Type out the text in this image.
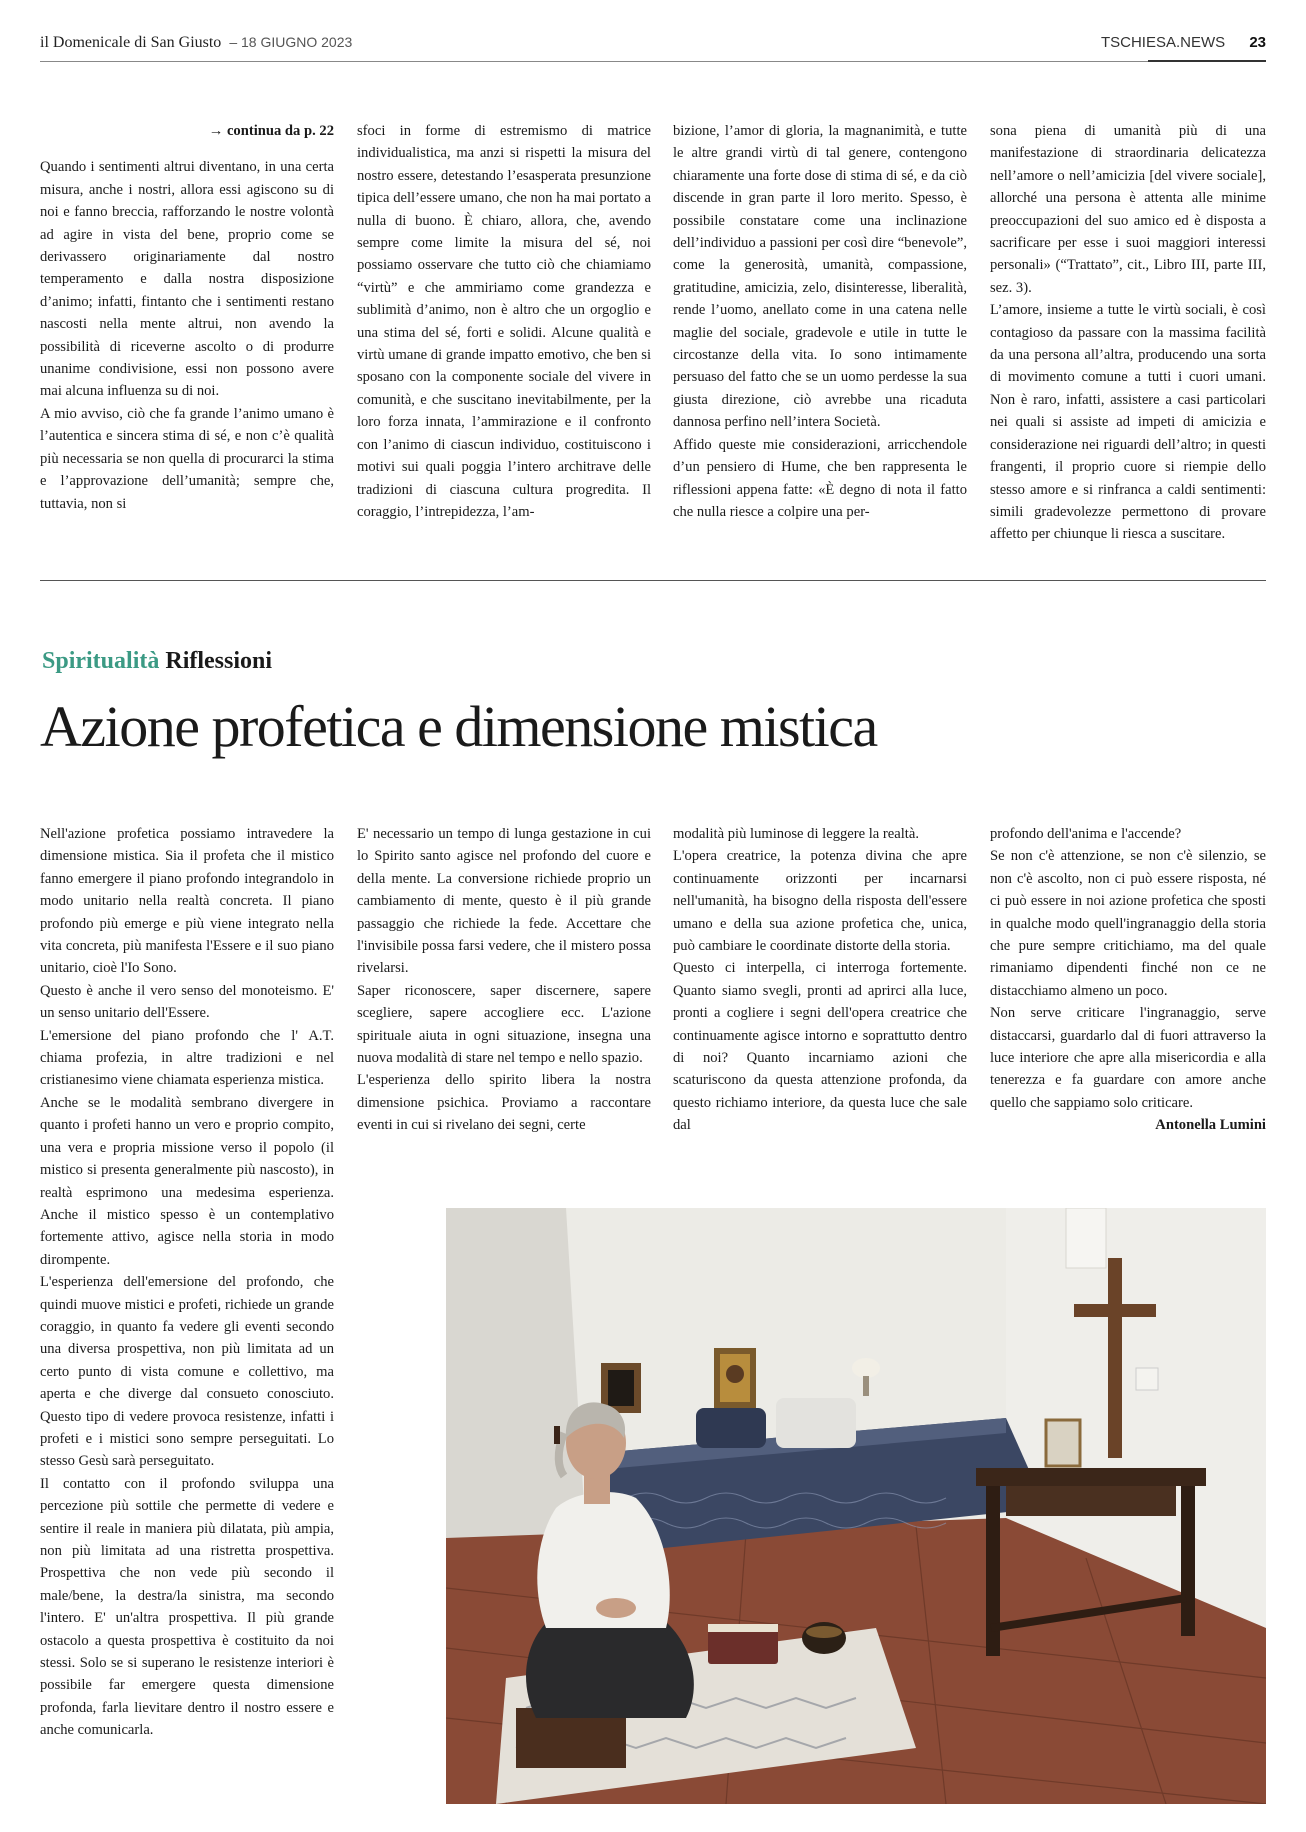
il Domenicale di San Giusto – 18 GIUGNO 2023	TSCHIESA.NEWS 23

→ continua da p. 22

Quando i sentimenti altrui diventano, in una certa misura, anche i nostri, allora essi agiscono su di noi e fanno breccia, rafforzando le nostre volontà ad agire in vista del bene, proprio come se derivassero originariamente dal nostro temperamento e dalla nostra disposizione d’animo; infatti, fintanto che i sentimenti restano nascosti nella mente altrui, non avendo la possibilità di riceverne ascolto o di produrre unanime condivisione, essi non possono avere mai alcuna influenza su di noi.

A mio avviso, ciò che fa grande l’animo umano è l’autentica e sincera stima di sé, e non c’è qualità più necessaria se non quella di procurarci la stima e l’approvazione dell’umanità; sempre che, tuttavia, non si

sfoci in forme di estremismo di matrice individualistica, ma anzi si rispetti la misura del nostro essere, detestando l’esasperata presunzione tipica dell’essere umano, che non ha mai portato a nulla di buono. È chiaro, allora, che, avendo sempre come limite la misura del sé, noi possiamo osservare che tutto ciò che chiamiamo “virtù” e che ammiriamo come grandezza e sublimità d’animo, non è altro che un orgoglio e una stima del sé, forti e solidi. Alcune qualità e virtù umane di grande impatto emotivo, che ben si sposano con la componente sociale del vivere in comunità, e che suscitano inevitabilmente, per la loro forza innata, l’ammirazione e il confronto con l’animo di ciascun individuo, costituiscono i motivi sui quali poggia l’intero architrave delle tradizioni di ciascuna cultura progredita. Il coraggio, l’intrepidezza, l’am-

bizione, l’amor di gloria, la magnanimità, e tutte le altre grandi virtù di tal genere, contengono chiaramente una forte dose di stima di sé, e da ciò discende in gran parte il loro merito. Spesso, è possibile constatare come una inclinazione dell’individuo a passioni per così dire “benevole”, come la generosità, umanità, compassione, gratitudine, amicizia, zelo, disinteresse, liberalità, rende l’uomo, anellato come in una catena nelle maglie del sociale, gradevole e utile in tutte le circostanze della vita. Io sono intimamente persuaso del fatto che se un uomo perdesse la sua giusta direzione, ciò avrebbe una ricaduta dannosa perfino nell’intera Società.

Affido queste mie considerazioni, arricchendole d’un pensiero di Hume, che ben rappresenta le riflessioni appena fatte: «È degno di nota il fatto che nulla riesce a colpire una per-

sona piena di umanità più di una manifestazione di straordinaria delicatezza nell’amore o nell’amicizia [del vivere sociale], allorché una persona è attenta alle minime preoccupazioni del suo amico ed è disposta a sacrificare per esse i suoi maggiori interessi personali» (“Trattato”, cit., Libro III, parte III, sez. 3).

L’amore, insieme a tutte le virtù sociali, è così contagioso da passare con la massima facilità da una persona all’altra, producendo una sorta di movimento comune a tutti i cuori umani. Non è raro, infatti, assistere a casi particolari nei quali si assiste ad impeti di amicizia e considerazione nei riguardi dell’altro; in questi frangenti, il proprio cuore si riempie dello stesso amore e si rinfranca a caldi sentimenti: simili gradevolezze permettono di provare affetto per chiunque li riesca a suscitare.

Spiritualità Riflessioni
Azione profetica e dimensione mistica

Nell'azione profetica possiamo intravedere la dimensione mistica. Sia il profeta che il mistico fanno emergere il piano profondo integrandolo in modo unitario nella realtà concreta. Il piano profondo più emerge e più viene integrato nella vita concreta, più manifesta l'Essere e il suo piano unitario, cioè l'Io Sono.

Questo è anche il vero senso del monoteismo. E' un senso unitario dell'Essere.

L'emersione del piano profondo che l' A.T. chiama profezia, in altre tradizioni e nel cristianesimo viene chiamata esperienza mistica.

Anche se le modalità sembrano divergere in quanto i profeti hanno un vero e proprio compito, una vera e propria missione verso il popolo (il mistico si presenta generalmente più nascosto), in realtà esprimono una medesima esperienza. Anche il mistico spesso è un contemplativo fortemente attivo, agisce nella storia in modo dirompente.

L'esperienza dell'emersione del profondo, che quindi muove mistici e profeti, richiede un grande coraggio, in quanto fa vedere gli eventi secondo una diversa prospettiva, non più limitata ad un certo punto di vista comune e collettivo, ma aperta e che diverge dal consueto conosciuto. Questo tipo di vedere provoca resistenze, infatti i profeti e i mistici sono sempre perseguitati. Lo stesso Gesù sarà perseguitato.

Il contatto con il profondo sviluppa una percezione più sottile che permette di vedere e sentire il reale in maniera più dilatata, più ampia, non più limitata ad una ristretta prospettiva. Prospettiva che non vede più secondo il male/bene, la destra/la sinistra, ma secondo l'intero. E' un'altra prospettiva. Il più grande ostacolo a questa prospettiva è costituito da noi stessi. Solo se si superano le resistenze interiori è possibile far emergere questa dimensione profonda, farla lievitare dentro il nostro essere e anche comunicarla.

E' necessario un tempo di lunga gestazione in cui lo Spirito santo agisce nel profondo del cuore e della mente. La conversione richiede proprio un cambiamento di mente, questo è il più grande passaggio che richiede la fede. Accettare che l'invisibile possa farsi vedere, che il mistero possa rivelarsi.

Saper riconoscere, saper discernere, sapere scegliere, sapere accogliere ecc. L'azione spirituale aiuta in ogni situazione, insegna una nuova modalità di stare nel tempo e nello spazio.

L'esperienza dello spirito libera la nostra dimensione psichica. Proviamo a raccontare eventi in cui si rivelano dei segni, certe

modalità più luminose di leggere la realtà.

L'opera creatrice, la potenza divina che apre continuamente orizzonti per incarnarsi nell'umanità, ha bisogno della risposta dell'essere umano e della sua azione profetica che, unica, può cambiare le coordinate distorte della storia.

Questo ci interpella, ci interroga fortemente. Quanto siamo svegli, pronti ad aprirci alla luce, pronti a cogliere i segni dell'opera creatrice che continuamente agisce intorno e soprattutto dentro di noi? Quanto incarniamo azioni che scaturiscono da questa attenzione profonda, da questo richiamo interiore, da questa luce che sale dal

profondo dell'anima e l'accende?

Se non c'è attenzione, se non c'è silenzio, se non c'è ascolto, non ci può essere risposta, né ci può essere in noi azione profetica che sposti in qualche modo quell'ingranaggio della storia che pure sempre critichiamo, ma del quale rimaniamo dipendenti finché non ce ne distacchiamo almeno un poco.

Non serve criticare l'ingranaggio, serve distaccarsi, guardarlo dal di fuori attraverso la luce interiore che apre alla misericordia e alla tenerezza e fa guardare con amore anche quello che sappiamo solo criticare.

Antonella Lumini
